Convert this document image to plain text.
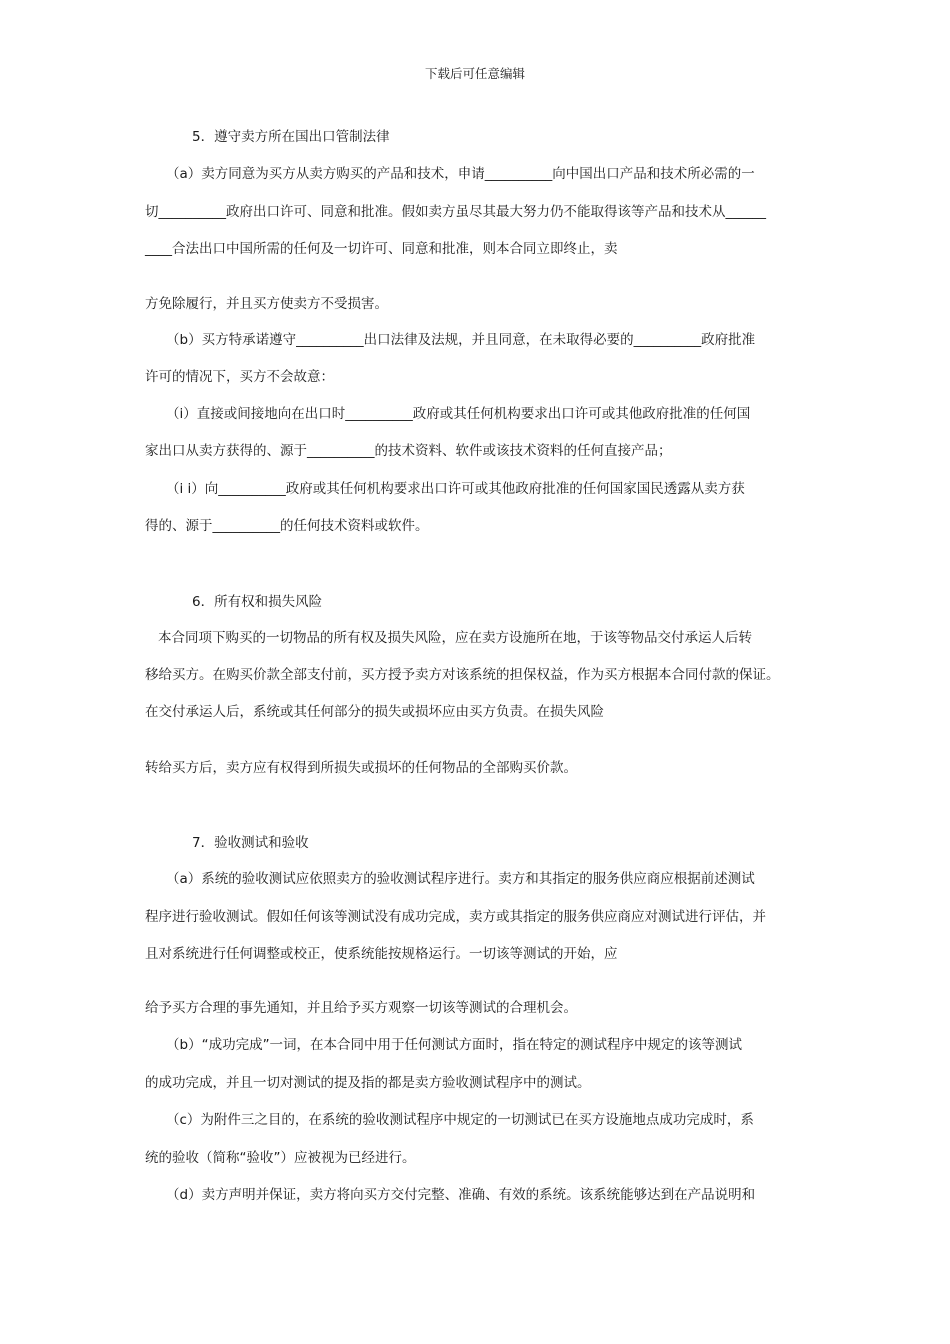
下载后可任意编辑
5．遵守卖方所在国出口管制法律
（a）卖方同意为买方从卖方购买的产品和技术，申请__________向中国出口产品和技术所必需的一
切__________政府出口许可、同意和批准。假如卖方虽尽其最大努力仍不能取得该等产品和技术从______
____合法出口中国所需的任何及一切许可、同意和批准，则本合同立即终止，卖
方免除履行，并且买方使卖方不受损害。
（b）买方特承诺遵守__________出口法律及法规，并且同意，在未取得必要的__________政府批准
许可的情况下，买方不会故意：
（i）直接或间接地向在出口时__________政府或其任何机构要求出口许可或其他政府批准的任何国
家出口从卖方获得的、源于__________的技术资料、软件或该技术资料的任何直接产品；
（i i）向__________政府或其任何机构要求出口许可或其他政府批准的任何国家国民透露从卖方获
得的、源于__________的任何技术资料或软件。
6．所有权和损失风险
本合同项下购买的一切物品的所有权及损失风险，应在卖方设施所在地，于该等物品交付承运人后转
移给买方。在购买价款全部支付前，买方授予卖方对该系统的担保权益，作为买方根据本合同付款的保证。
在交付承运人后，系统或其任何部分的损失或损坏应由买方负责。在损失风险
转给买方后，卖方应有权得到所损失或损坏的任何物品的全部购买价款。
7．验收测试和验收
（a）系统的验收测试应依照卖方的验收测试程序进行。卖方和其指定的服务供应商应根据前述测试
程序进行验收测试。假如任何该等测试没有成功完成，卖方或其指定的服务供应商应对测试进行评估，并
且对系统进行任何调整或校正，使系统能按规格运行。一切该等测试的开始，应
给予买方合理的事先通知，并且给予买方观察一切该等测试的合理机会。
（b）“成功完成”一词，在本合同中用于任何测试方面时，指在特定的测试程序中规定的该等测试
的成功完成，并且一切对测试的提及指的都是卖方验收测试程序中的测试。
（c）为附件三之目的，在系统的验收测试程序中规定的一切测试已在买方设施地点成功完成时，系
统的验收（简称“验收”）应被视为已经进行。
（d）卖方声明并保证，卖方将向买方交付完整、准确、有效的系统。该系统能够达到在产品说明和
